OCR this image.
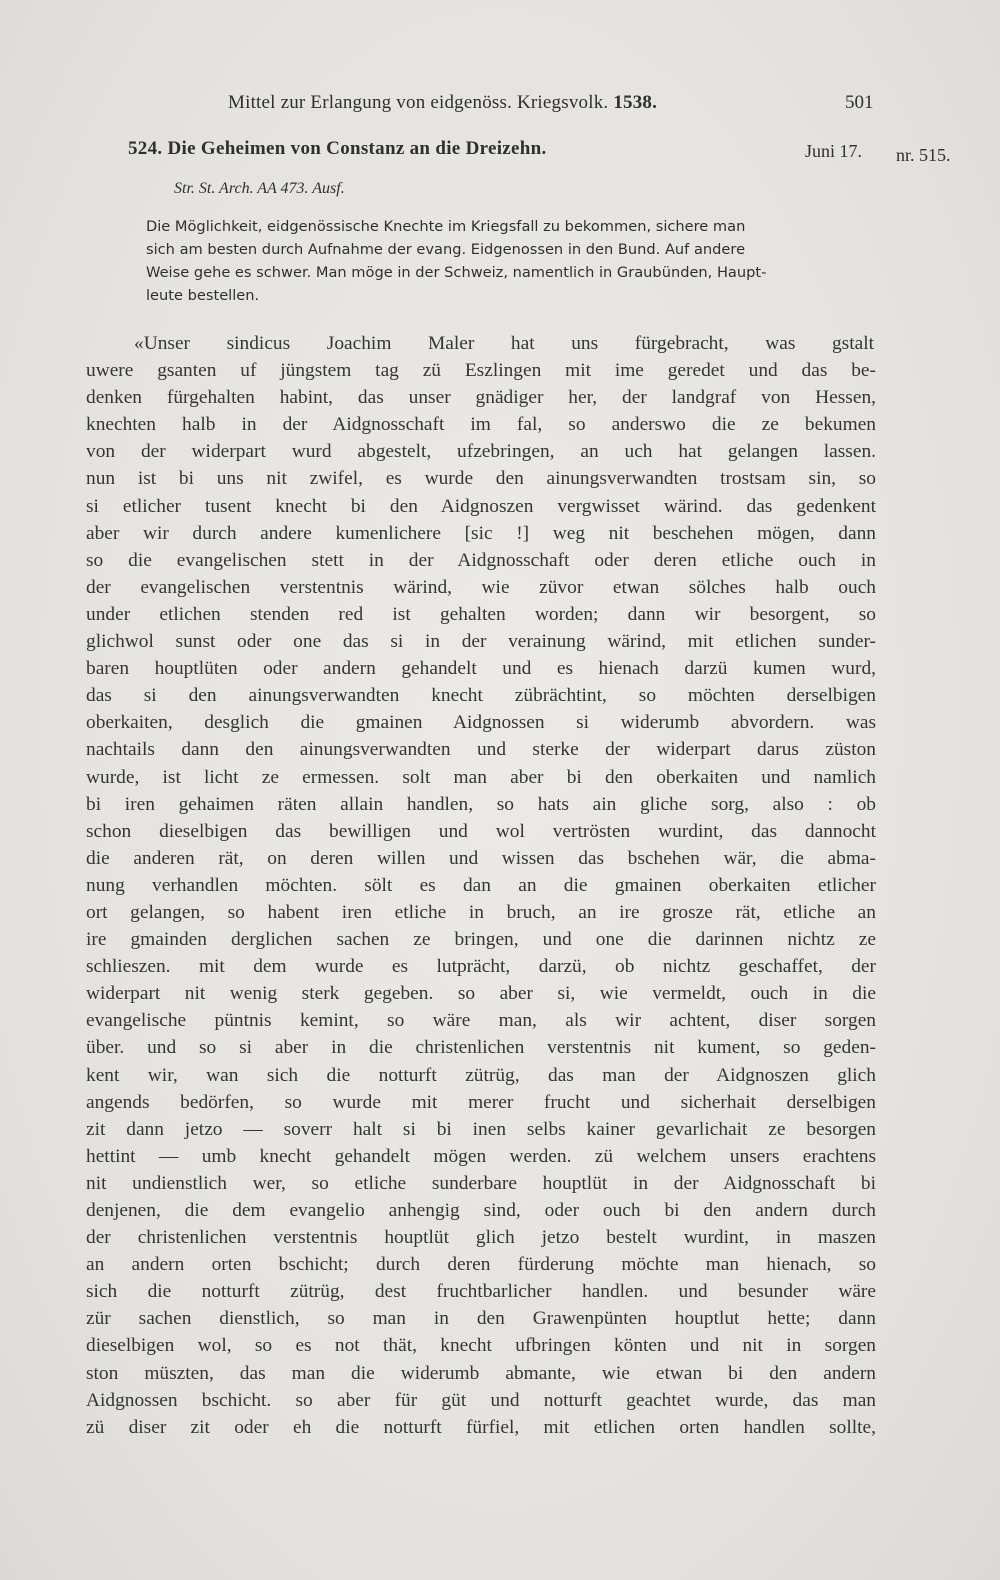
Mittel zur Erlangung von eidgenöss. Kriegsvolk. 1538.	501
524. Die Geheimen von Constanz an die Dreizehn.	Juni 17. nr. 515.
Str. St. Arch. AA 473. Ausf.
Die Möglichkeit, eidgenössische Knechte im Kriegsfall zu bekommen, sichere man
sich am besten durch Aufnahme der evang. Eidgenossen in den Bund. Auf andere
Weise gehe es schwer. Man möge in der Schweiz, namentlich in Graubünden, Haupt-
leute bestellen.
«Unser sindicus Joachim Maler hat uns fürgebracht, was gstalt
uwere gsanten uf jüngstem tag zü Eszlingen mit ime geredet und das be-
denken fürgehalten habint, das unser gnädiger her, der landgraf von Hessen,
knechten halb in der Aidgnosschaft im fal, so anderswo die ze bekumen
von der widerpart wurd abgestelt, ufzebringen, an uch hat gelangen lassen.
nun ist bi uns nit zwifel, es wurde den ainungsverwandten trostsam sin, so
si etlicher tusent knecht bi den Aidgnoszen vergwisset wärind. das gedenkent
aber wir durch andere kumenlichere [sic !] weg nit beschehen mögen, dann
so die evangelischen stett in der Aidgnosschaft oder deren etliche ouch in
der evangelischen verstentnis wärind, wie züvor etwan sölches halb ouch
under etlichen stenden red ist gehalten worden; dann wir besorgent, so
glichwol sunst oder one das si in der verainung wärind, mit etlichen sunder-
baren houptlüten oder andern gehandelt und es hienach darzü kumen wurd,
das si den ainungsverwandten knecht zübrächtint, so möchten derselbigen
oberkaiten, desglich die gmainen Aidgnossen si widerumb abvordern. was
nachtails dann den ainungsverwandten und sterke der widerpart darus züston
wurde, ist licht ze ermessen. solt man aber bi den oberkaiten und namlich
bi iren gehaimen räten allain handlen, so hats ain gliche sorg, also : ob
schon dieselbigen das bewilligen und wol vertrösten wurdint, das dannocht
die anderen rät, on deren willen und wissen das bschehen wär, die abma-
nung verhandlen möchten. sölt es dan an die gmainen oberkaiten etlicher
ort gelangen, so habent iren etliche in bruch, an ire grosze rät, etliche an
ire gmainden derglichen sachen ze bringen, und one die darinnen nichtz ze
schlieszen. mit dem wurde es lutprächt, darzü, ob nichtz geschaffet, der
widerpart nit wenig sterk gegeben. so aber si, wie vermeldt, ouch in die
evangelische püntnis kemint, so wäre man, als wir achtent, diser sorgen
über. und so si aber in die christenlichen verstentnis nit kument, so geden-
kent wir, wan sich die notturft zütrüg, das man der Aidgnoszen glich
angends bedörfen, so wurde mit merer frucht und sicherhait derselbigen
zit dann jetzo — soverr halt si bi inen selbs kainer gevarlichait ze besorgen
hettint — umb knecht gehandelt mögen werden. zü welchem unsers erachtens
nit undienstlich wer, so etliche sunderbare houptlüt in der Aidgnosschaft bi
denjenen, die dem evangelio anhengig sind, oder ouch bi den andern durch
der christenlichen verstentnis houptlüt glich jetzo bestelt wurdint, in maszen
an andern orten bschicht; durch deren fürderung möchte man hienach, so
sich die notturft zütrüg, dest fruchtbarlicher handlen. und besunder wäre
zür sachen dienstlich, so man in den Grawenpünten houptlut hette; dann
dieselbigen wol, so es not thät, knecht ufbringen könten und nit in sorgen
ston müszten, das man die widerumb abmante, wie etwan bi den andern
Aidgnossen bschicht. so aber für güt und notturft geachtet wurde, das man
zü diser zit oder eh die notturft fürfiel, mit etlichen orten handlen sollte,
